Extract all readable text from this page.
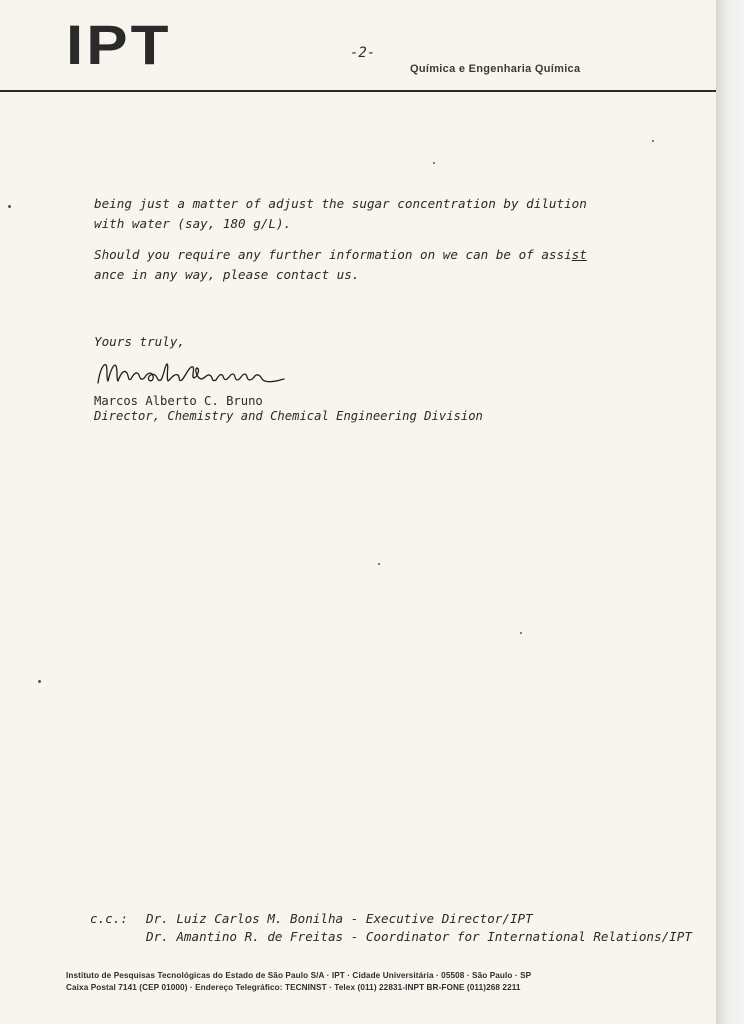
IPT	-2-
Química e Engenharia Química
being just a matter of adjust the sugar concentration by dilution
with water (say, 180 g/L).
Should you require any further information on we can be of assist
ance in any way, please contact us.
Yours truly,
Marcos Alberto C. Bruno
Director, Chemistry and Chemical Engineering Division
c.c.:	Dr. Luiz Carlos M. Bonilha - Executive Director/IPT
Dr. Amantino R. de Freitas - Coordinator for International Relations/IPT
Instituto de Pesquisas Tecnológicas do Estado de São Paulo S/A · IPT · Cidade Universitária · 05508 · São Paulo · SP
Caixa Postal 7141 (CEP 01000) · Endereço Telegráfico: TECNINST · Telex (011) 22831-INPT BR-FONE (011)268 2211
